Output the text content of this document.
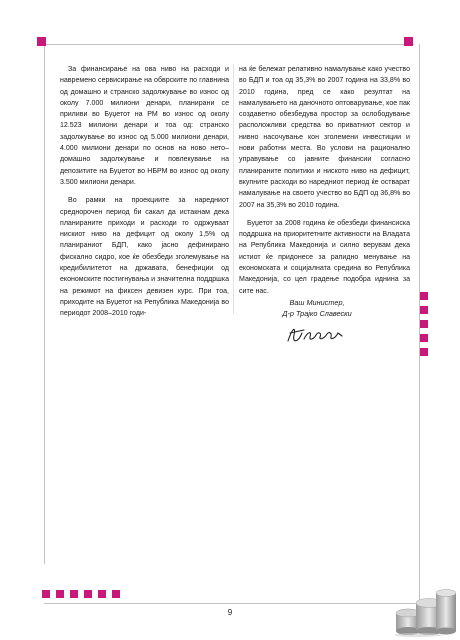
За финансирање на ова ниво на расходи и навремено сервисирање на обврските по главнина од домашно и странско задолжување во износ од околу 7.000 милиони денари, планирани се приливи во Буџетот на РМ во износ од околу 12.523 милиони денари и тоа од: странско задолжување во износ од 5.000 милиони денари, 4.000 милиони денари по основ на ново нето–домашно задолжување и повлекување на депозитите на Буџетот во НБРМ во износ од околу 3.500 милиони денари.

Во рамки на проекциите за наредниот среднорочен период би сакал да истакнам дека планираните приходи и расходи го одржуваат нискиот ниво на дефицит од околу 1,5% од планираниот БДП, како јасно дефинирано фискално сидро, кое ќе обезбеди зголемување на кредибилитетот на државата, бенефиции од економските постигнувања и значителна поддршка на режимот на фиксен девизен курс. При тоа, приходите на Буџетот на Република Македонија во периодот 2008–2010 годи-

на ќе бележат релативно намалување како учество во БДП и тоа од 35,3% во 2007 година на 33,8% во 2010 година, пред се како резултат на намалувањето на даночното оптоварување, кое пак создаветно обезбедува простор за ослободување расположливи средства во приватниот сектор и нивно насочување кон зголемени инвестиции и нови работни места. Во услови на рационално управување со јавните финансии согласно планираните политики и ниското ниво на дефицит, вкупните расходи во наредниот период ќе остварат намалување на своето учество во БДП од 36,8% во 2007 на 35,3% во 2010 година.

Буџетот за 2008 година ќе обезбеди финансиска поддршка на приоритетните активности на Владата на Република Македонија и силно верувам дека истиот ќе придонесе за рапидно менување на економската и социјалната средина во Република Македонија, со цел градење подобра иднина за сите нас.

Ваш Министер,
Д-р Трајко Славески
9
